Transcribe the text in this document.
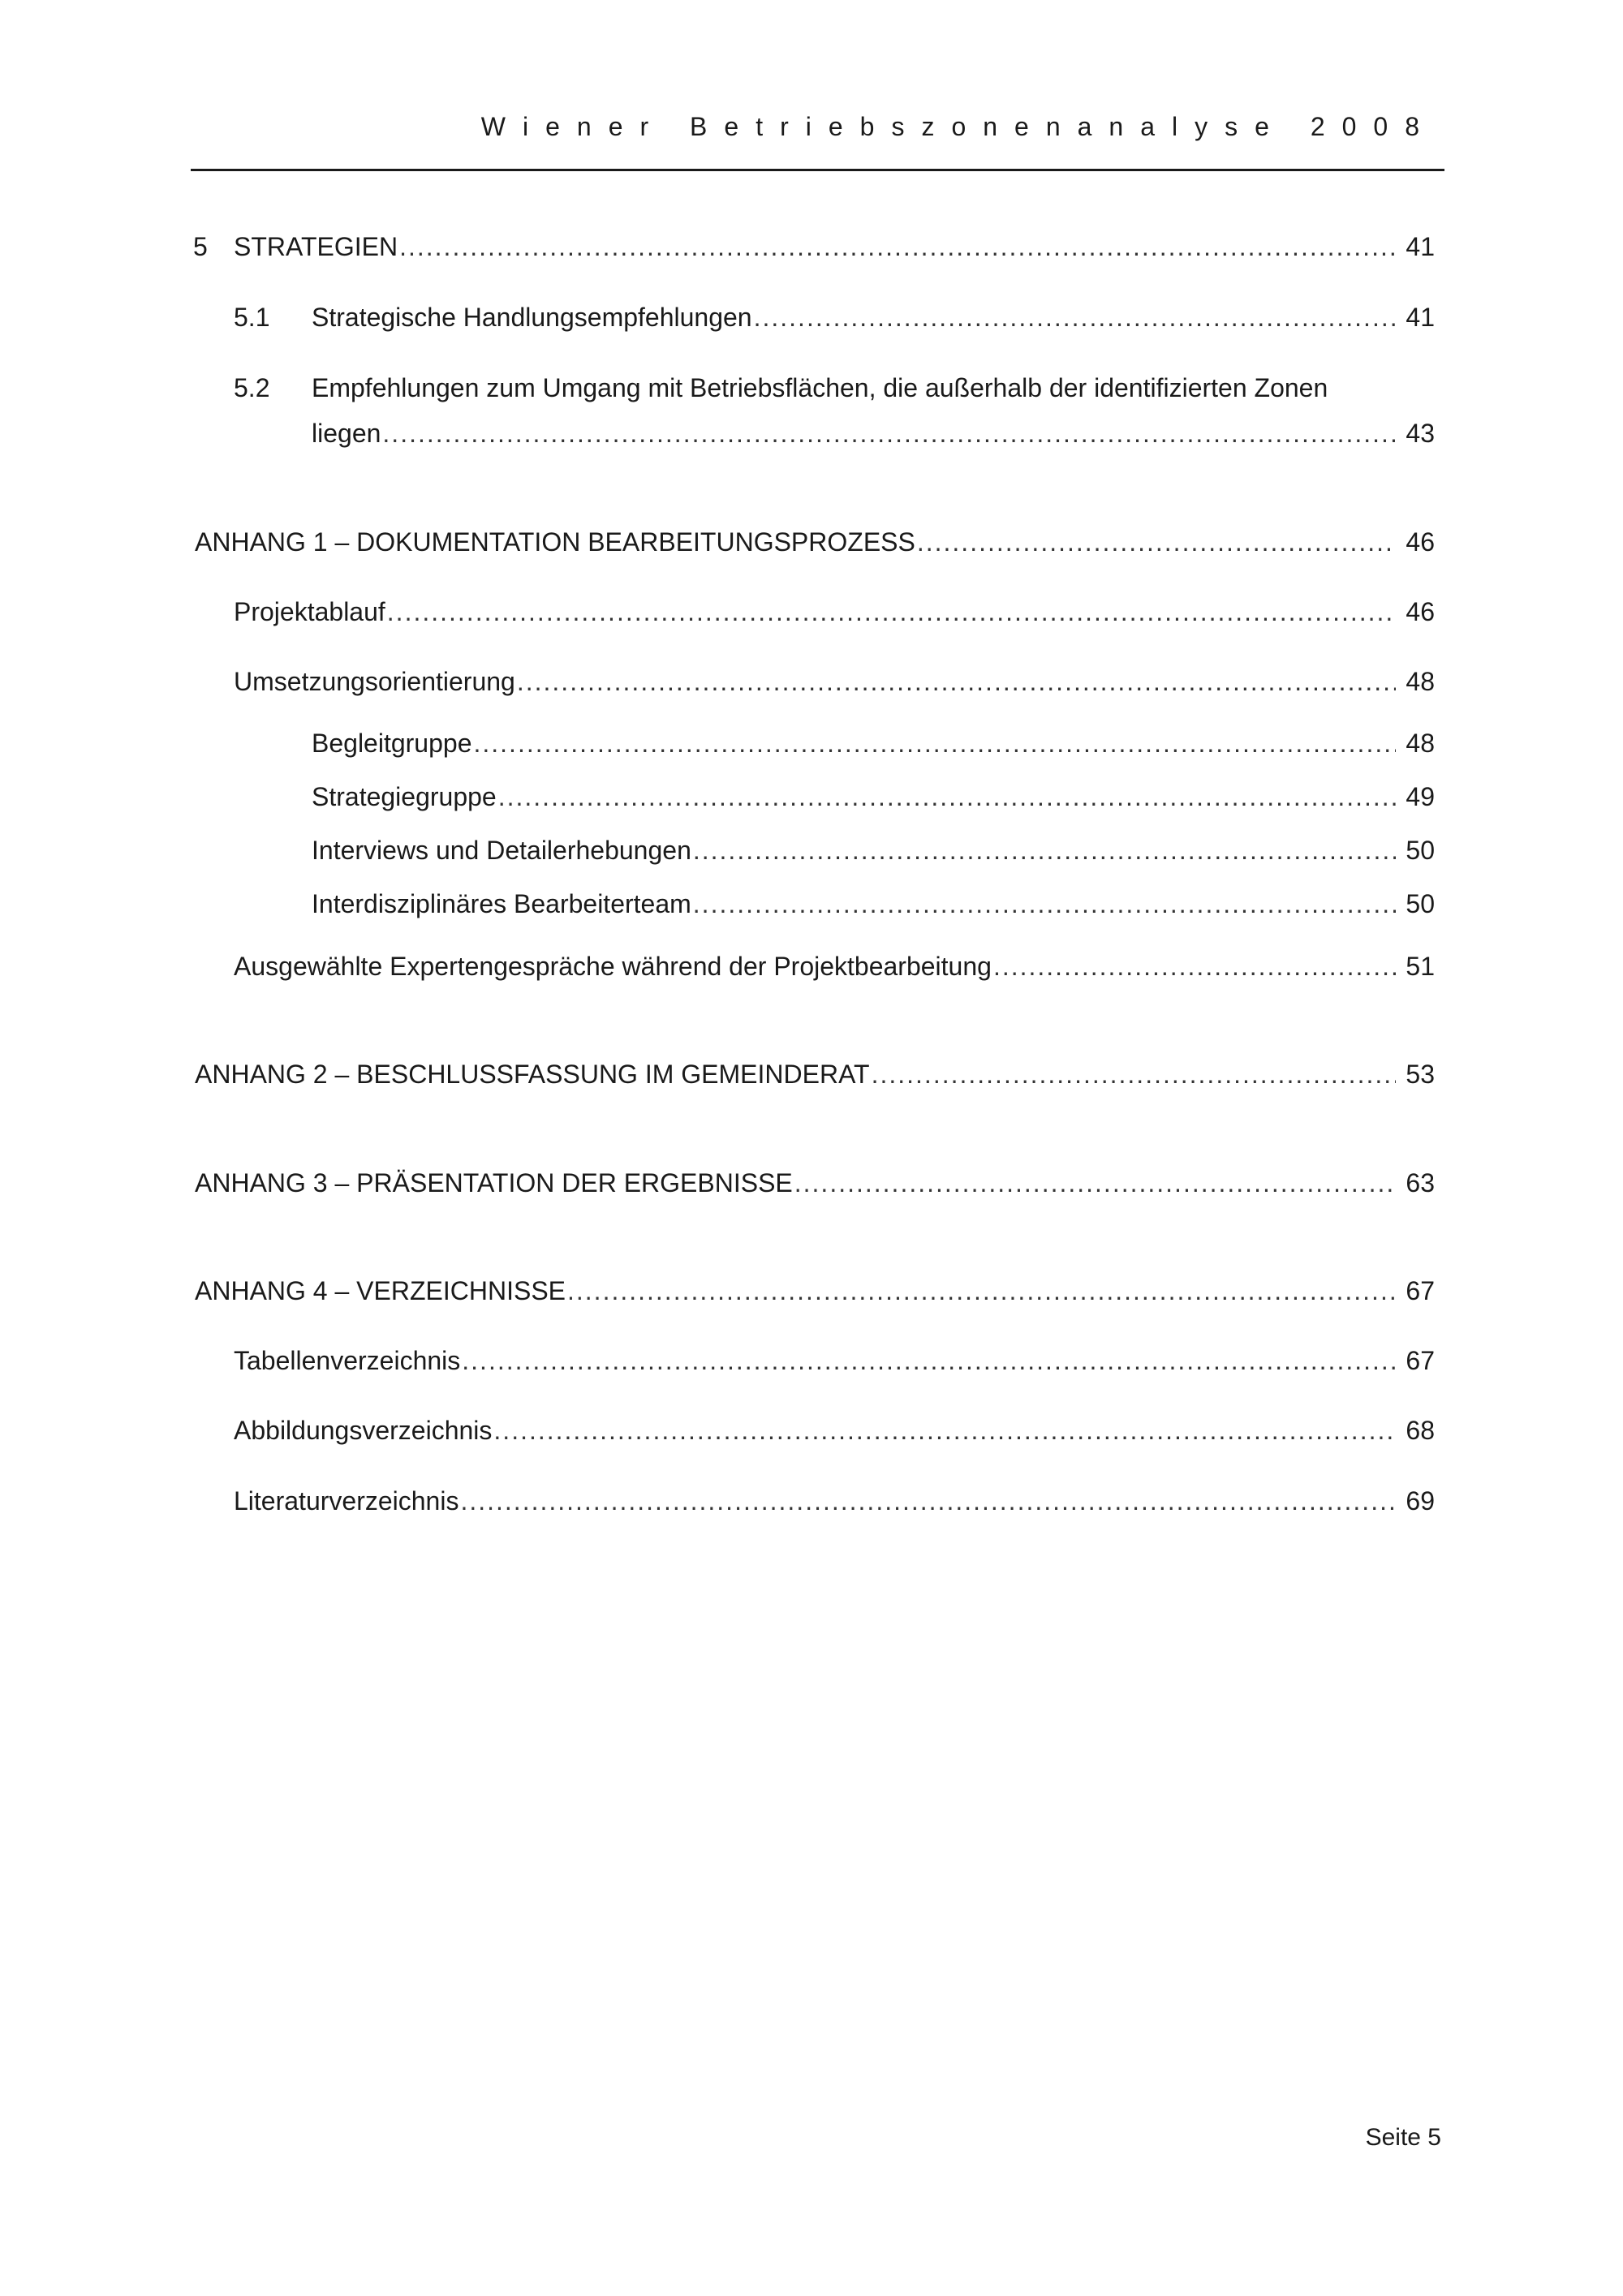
Wiener Betriebszonenanalyse 2008
5 STRATEGIEN .....	41
5.1 Strategische Handlungsempfehlungen .....	41
5.2 Empfehlungen zum Umgang mit Betriebsflächen, die außerhalb der identifizierten Zonen
liegen .....	43
ANHANG 1 – DOKUMENTATION BEARBEITUNGSPROZESS .....	46
Projektablauf .....	46
Umsetzungsorientierung .....	48
Begleitgruppe .....	48
Strategiegruppe .....	49
Interviews und Detailerhebungen .....	50
Interdisziplinäres Bearbeiterteam .....	50
Ausgewählte Expertengespräche während der Projektbearbeitung .....	51
ANHANG 2 – BESCHLUSSFASSUNG IM GEMEINDERAT .....	53
ANHANG 3 – PRÄSENTATION DER ERGEBNISSE .....	63
ANHANG 4 – VERZEICHNISSE .....	67
Tabellenverzeichnis .....	67
Abbildungsverzeichnis .....	68
Literaturverzeichnis .....	69
Seite 5
